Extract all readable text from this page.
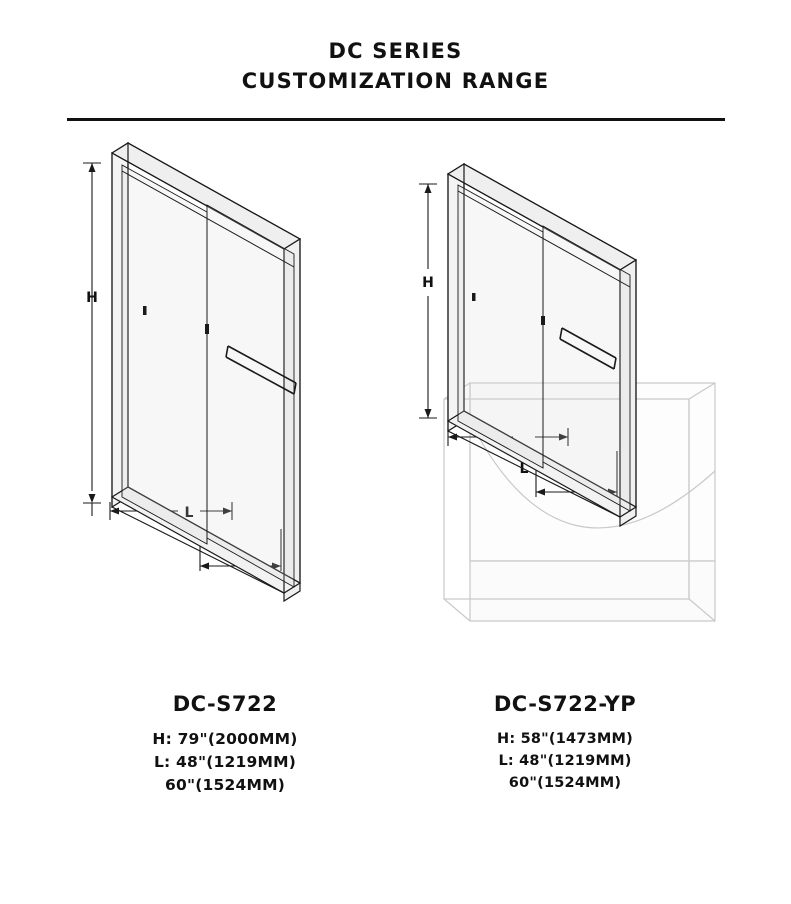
DC SERIES
CUSTOMIZATION RANGE
H
L
H
L
DC-S722
H: 79"(2000MM)
L: 48"(1219MM)
60"(1524MM)
DC-S722-YP
H: 58"(1473MM)
L: 48"(1219MM)
60"(1524MM)
